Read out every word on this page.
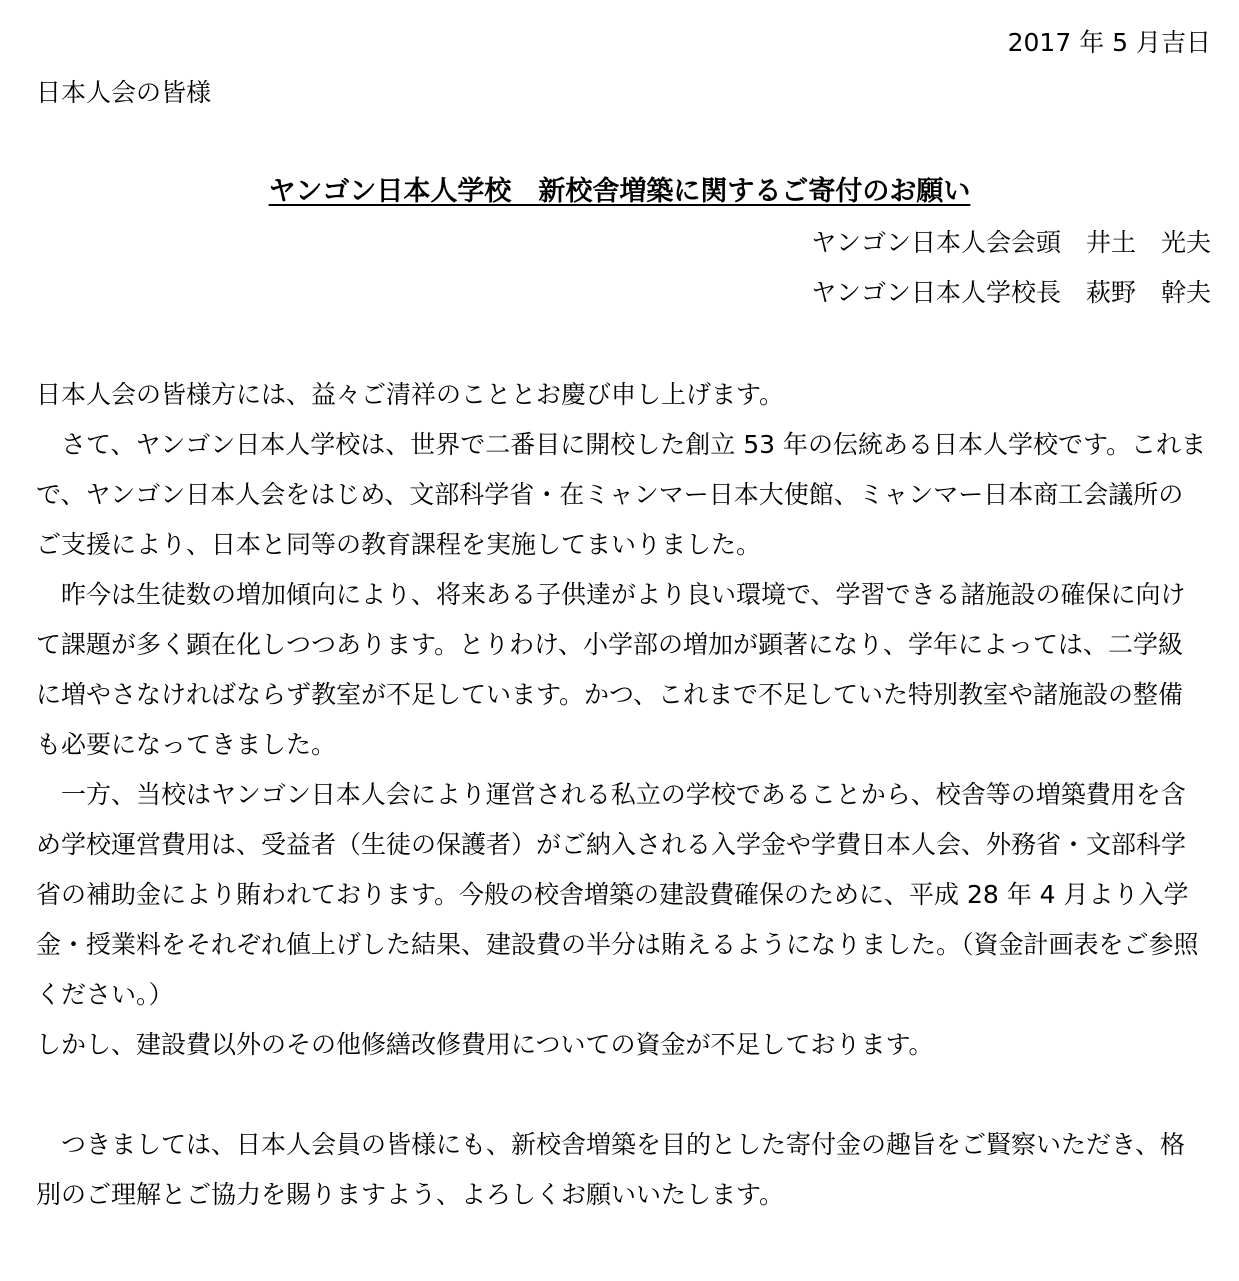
2017 年 5 月吉日
日本人会の皆様
ヤンゴン日本人学校　新校舎増築に関するご寄付のお願い
ヤンゴン日本人会会頭　井土　光夫
ヤンゴン日本人学校長　萩野　幹夫

日本人会の皆様方には、益々ご清祥のこととお慶び申し上げます。

　さて、ヤンゴン日本人学校は、世界で二番目に開校した創立 53 年の伝統ある日本人学校です。これまで、ヤンゴン日本人会をはじめ、文部科学省・在ミャンマー日本大使館、ミャンマー日本商工会議所のご支援により、日本と同等の教育課程を実施してまいりました。

　昨今は生徒数の増加傾向により、将来ある子供達がより良い環境で、学習できる諸施設の確保に向けて課題が多く顕在化しつつあります。とりわけ、小学部の増加が顕著になり、学年によっては、二学級に増やさなければならず教室が不足しています。かつ、これまで不足していた特別教室や諸施設の整備も必要になってきました。

　一方、当校はヤンゴン日本人会により運営される私立の学校であることから、校舎等の増築費用を含め学校運営費用は、受益者（生徒の保護者）がご納入される入学金や学費日本人会、外務省・文部科学省の補助金により賄われております。今般の校舎増築の建設費確保のために、平成 28 年 4 月より入学金・授業料をそれぞれ値上げした結果、建設費の半分は賄えるようになりました。（資金計画表をご参照ください。）

しかし、建設費以外のその他修繕改修費用についての資金が不足しております。

　つきましては、日本人会員の皆様にも、新校舎増築を目的とした寄付金の趣旨をご賢察いただき、格別のご理解とご協力を賜りますよう、よろしくお願いいたします。
